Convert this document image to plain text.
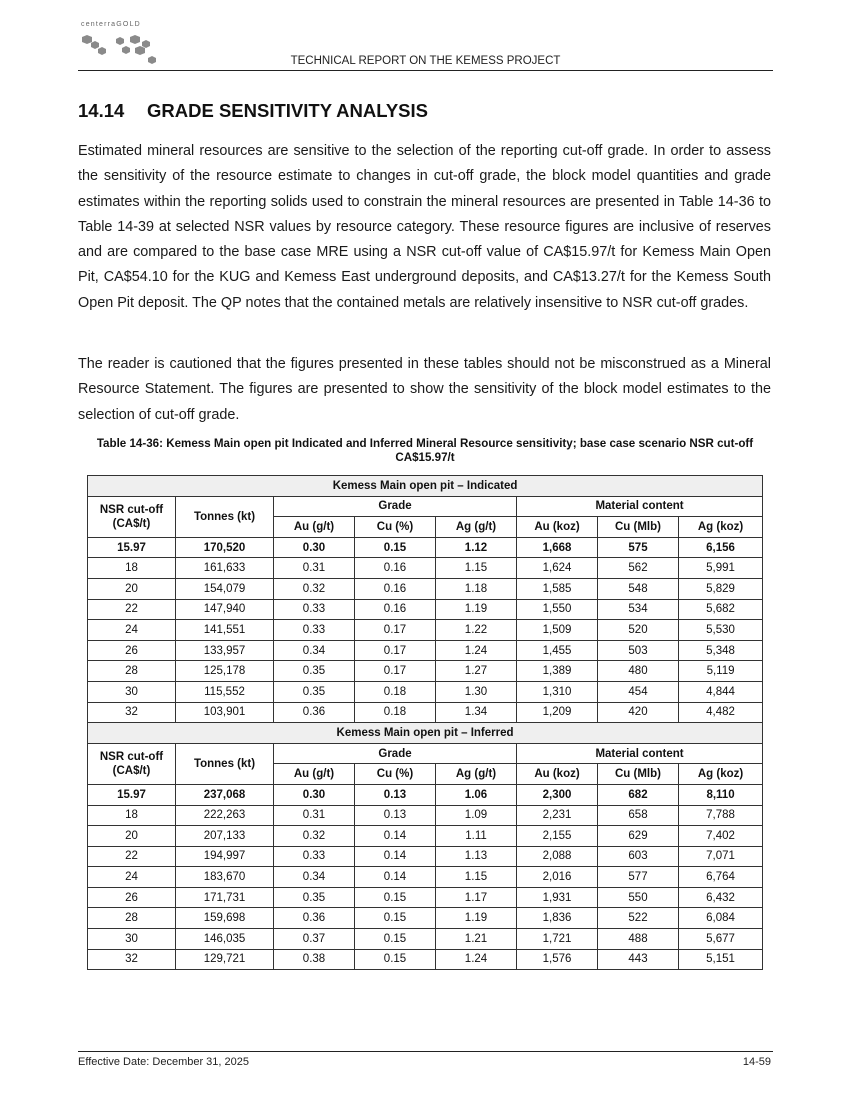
centerraGOLD
TECHNICAL REPORT ON THE KEMESS PROJECT
14.14 GRADE SENSITIVITY ANALYSIS

Estimated mineral resources are sensitive to the selection of the reporting cut-off grade. In order to assess the sensitivity of the resource estimate to changes in cut-off grade, the block model quantities and grade estimates within the reporting solids used to constrain the mineral resources are presented in Table 14-36 to Table 14-39 at selected NSR values by resource category. These resource figures are inclusive of reserves and are compared to the base case MRE using a NSR cut-off value of CA$15.97/t for Kemess Main Open Pit, CA$54.10 for the KUG and Kemess East underground deposits, and CA$13.27/t for the Kemess South Open Pit deposit. The QP notes that the contained metals are relatively insensitive to NSR cut-off grades.

The reader is cautioned that the figures presented in these tables should not be misconstrued as a Mineral Resource Statement. The figures are presented to show the sensitivity of the block model estimates to the selection of cut-off grade.

Table 14-36: Kemess Main open pit Indicated and Inferred Mineral Resource sensitivity; base case scenario NSR cut-off CA$15.97/t
Kemess Main open pit – Indicated							
NSR cut-off (CA$/t)	Tonnes (kt)	Grade			Material content		
		Au (g/t)	Cu (%)	Ag (g/t)	Au (koz)	Cu (Mlb)	Ag (koz)
15.97	170,520	0.30	0.15	1.12	1,668	575	6,156
18	161,633	0.31	0.16	1.15	1,624	562	5,991
20	154,079	0.32	0.16	1.18	1,585	548	5,829
22	147,940	0.33	0.16	1.19	1,550	534	5,682
24	141,551	0.33	0.17	1.22	1,509	520	5,530
26	133,957	0.34	0.17	1.24	1,455	503	5,348
28	125,178	0.35	0.17	1.27	1,389	480	5,119
30	115,552	0.35	0.18	1.30	1,310	454	4,844
32	103,901	0.36	0.18	1.34	1,209	420	4,482
Kemess Main open pit – Inferred							
NSR cut-off (CA$/t)	Tonnes (kt)	Grade			Material content		
		Au (g/t)	Cu (%)	Ag (g/t)	Au (koz)	Cu (Mlb)	Ag (koz)
15.97	237,068	0.30	0.13	1.06	2,300	682	8,110
18	222,263	0.31	0.13	1.09	2,231	658	7,788
20	207,133	0.32	0.14	1.11	2,155	629	7,402
22	194,997	0.33	0.14	1.13	2,088	603	7,071
24	183,670	0.34	0.14	1.15	2,016	577	6,764
26	171,731	0.35	0.15	1.17	1,931	550	6,432
28	159,698	0.36	0.15	1.19	1,836	522	6,084
30	146,035	0.37	0.15	1.21	1,721	488	5,677
32	129,721	0.38	0.15	1.24	1,576	443	5,151
Effective Date: December 31, 2025	14-59
